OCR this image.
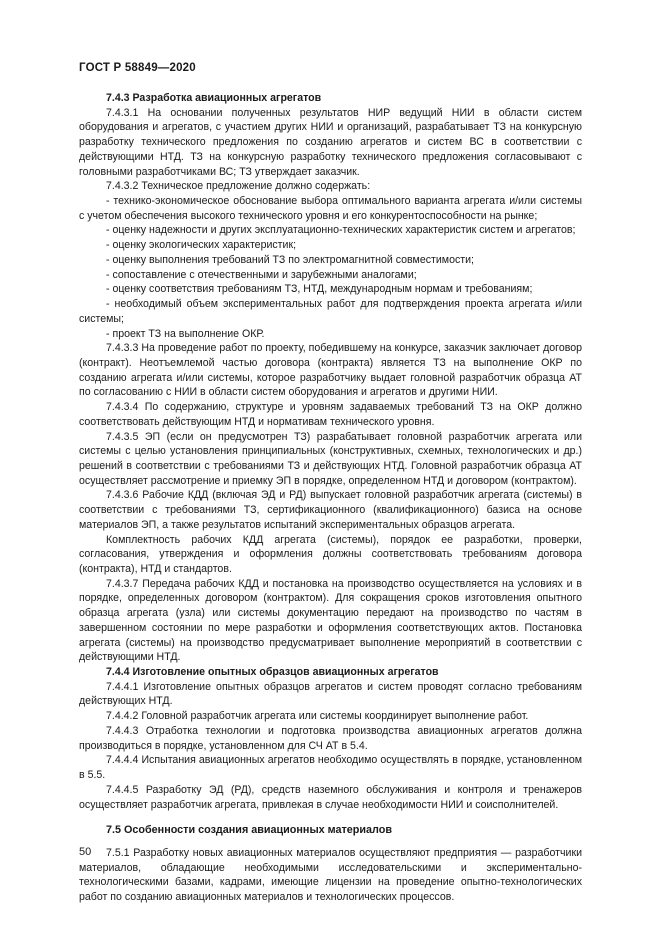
ГОСТ Р 58849—2020

7.4.3 Разработка авиационных агрегатов

7.4.3.1 На основании полученных результатов НИР ведущий НИИ в области систем оборудования и агрегатов, с участием других НИИ и организаций, разрабатывает ТЗ на конкурсную разработку технического предложения по созданию агрегатов и систем ВС в соответствии с действующими НТД. ТЗ на конкурсную разработку технического предложения согласовывают с головными разработчиками ВС; ТЗ утверждает заказчик.

7.4.3.2 Техническое предложение должно содержать:

- технико-экономическое обоснование выбора оптимального варианта агрегата и/или системы с учетом обеспечения высокого технического уровня и его конкурентоспособности на рынке;

- оценку надежности и других эксплуатационно-технических характеристик систем и агрегатов;

- оценку экологических характеристик;

- оценку выполнения требований ТЗ по электромагнитной совместимости;

- сопоставление с отечественными и зарубежными аналогами;

- оценку соответствия требованиям ТЗ, НТД, международным нормам и требованиям;

- необходимый объем экспериментальных работ для подтверждения проекта агрегата и/или системы;

- проект ТЗ на выполнение ОКР.

7.4.3.3 На проведение работ по проекту, победившему на конкурсе, заказчик заключает договор (контракт). Неотъемлемой частью договора (контракта) является ТЗ на выполнение ОКР по созданию агрегата и/или системы, которое разработчику выдает головной разработчик образца АТ по согласованию с НИИ в области систем оборудования и агрегатов и другими НИИ.

7.4.3.4 По содержанию, структуре и уровням задаваемых требований ТЗ на ОКР должно соответствовать действующим НТД и нормативам технического уровня.

7.4.3.5 ЭП (если он предусмотрен ТЗ) разрабатывает головной разработчик агрегата или системы с целью установления принципиальных (конструктивных, схемных, технологических и др.) решений в соответствии с требованиями ТЗ и действующих НТД. Головной разработчик образца АТ осуществляет рассмотрение и приемку ЭП в порядке, определенном НТД и договором (контрактом).

7.4.3.6 Рабочие КДД (включая ЭД и РД) выпускает головной разработчик агрегата (системы) в соответствии с требованиями ТЗ, сертификационного (квалификационного) базиса на основе материалов ЭП, а также результатов испытаний экспериментальных образцов агрегата.

Комплектность рабочих КДД агрегата (системы), порядок ее разработки, проверки, согласования, утверждения и оформления должны соответствовать требованиям договора (контракта), НТД и стандартов.

7.4.3.7 Передача рабочих КДД и постановка на производство осуществляется на условиях и в порядке, определенных договором (контрактом). Для сокращения сроков изготовления опытного образца агрегата (узла) или системы документацию передают на производство по частям в завершенном состоянии по мере разработки и оформления соответствующих актов. Постановка агрегата (системы) на производство предусматривает выполнение мероприятий в соответствии с действующими НТД.

7.4.4 Изготовление опытных образцов авиационных агрегатов

7.4.4.1 Изготовление опытных образцов агрегатов и систем проводят согласно требованиям действующих НТД.

7.4.4.2 Головной разработчик агрегата или системы координирует выполнение работ.

7.4.4.3 Отработка технологии и подготовка производства авиационных агрегатов должна производиться в порядке, установленном для СЧ АТ в 5.4.

7.4.4.4 Испытания авиационных агрегатов необходимо осуществлять в порядке, установленном в 5.5.

7.4.4.5 Разработку ЭД (РД), средств наземного обслуживания и контроля и тренажеров осуществляет разработчик агрегата, привлекая в случае необходимости НИИ и соисполнителей.

7.5 Особенности создания авиационных материалов

7.5.1 Разработку новых авиационных материалов осуществляют предприятия — разработчики материалов, обладающие необходимыми исследовательскими и экспериментально-технологическими базами, кадрами, имеющие лицензии на проведение опытно-технологических работ по созданию авиационных материалов и технологических процессов.

50
